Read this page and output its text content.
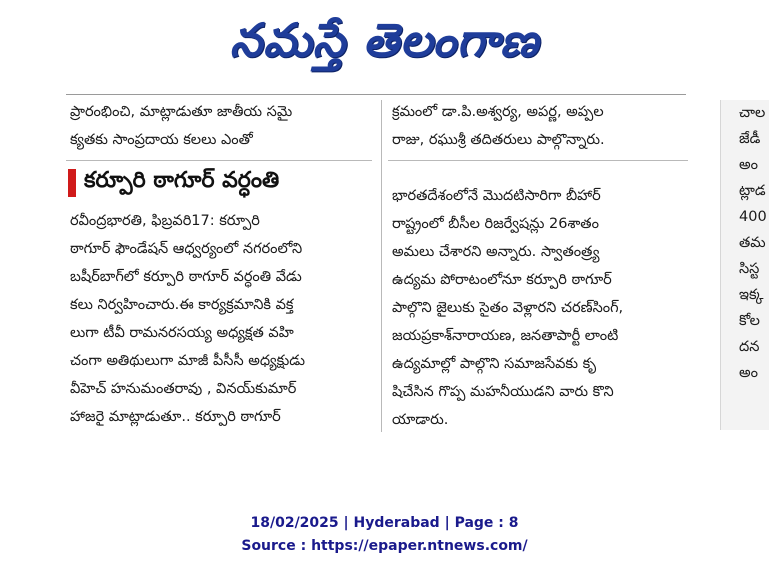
నమస్తే తెలంగాణ
ప్రారంభించి, మాట్లాడుతూ జాతీయ సమై
క్యతకు సాంప్రదాయ కలలు ఎంతో
క్రమంలో డా.పి.అశ్వర్య, అపర్ణ, అప్పల
రాజు, రఘుశ్రీ తదితరులు పాల్గొన్నారు.
కర్పూరి ఠాగూర్ వర్ధంతి
రవీంద్రభారతి, ఫిబ్రవరి17: కర్పూరి
ఠాగూర్ ఫౌండేషన్ ఆధ్వర్యంలో నగరంలోని
బషీర్‌బాగ్‌లో కర్పూరి ఠాగూర్ వర్ధంతి వేడు
కలు నిర్వహించారు.ఈ కార్యక్రమానికి వక్త
లుగా టీవీ రామనరసయ్య అధ్యక్షత వహి
చంగా అతిథులుగా మాజీ పీసీసీ అధ్యక్షుడు
వీహెచ్ హనుమంతరావు , వినయ్‌కుమార్
హాజరై మాట్లాడుతూ.. కర్పూరి ఠాగూర్
భారతదేశంలోనే మొదటిసారిగా బీహార్
రాష్ట్రంలో బీసీల రిజర్వేషన్లు 26శాతం
అమలు చేశారని అన్నారు. స్వాతంత్ర్య
ఉద్యమ పోరాటంలోనూ కర్పూరి ఠాగూర్
పాల్గొని జైలుకు సైతం వెళ్లారని చరణ్‌సింగ్,
జయప్రకాశ్‌నారాయణ, జనతాపార్టీ లాంటి
ఉద్యమాల్లో పాల్గొని సమాజసేవకు కృ
షిచేసిన గొప్ప మహనీయుడని వారు కొని
యాడారు.
చాల
జేడీ
అం
ట్లాడ
400
తమ
సిస్ట
ఇక్క
కోల
దన
అం
18/02/2025 | Hyderabad | Page : 8
Source : https://epaper.ntnews.com/
